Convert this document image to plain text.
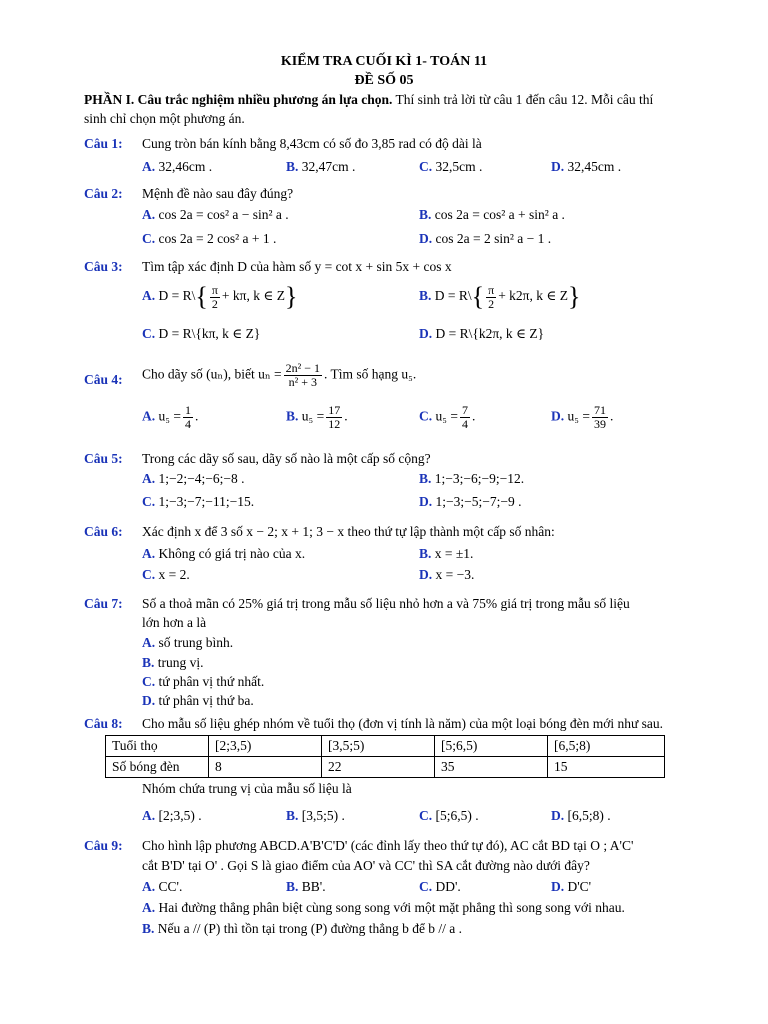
KIỂM TRA CUỐI KÌ 1- TOÁN 11
ĐỀ SỐ 05
PHẦN I. Câu trắc nghiệm nhiều phương án lựa chọn. Thí sinh trả lời từ câu 1 đến câu 12. Mỗi câu thí
sinh chỉ chọn một phương án.
Câu 1: Cung tròn bán kính bằng 8,43cm có số đo 3,85 rad có độ dài là
A. 32,46cm .	B. 32,47cm .	C. 32,5cm .	D. 32,45cm .
Câu 2: Mệnh đề nào sau đây đúng?
A. cos 2a = cos² a − sin² a .	B. cos 2a = cos² a + sin² a .
C. cos 2a = 2 cos² a + 1 .	D. cos 2a = 2 sin² a − 1 .
Câu 3: Tìm tập xác định D của hàm số y = cot x + sin 5x + cos x
A. D = R\{ $\frac{\pi}{2} + k\pi$, k ∈ Z}	B. D = R\{ $\frac{\pi}{2} + k2\pi$, k ∈ Z}
C. D = R\{kπ, k ∈ Z}	D. D = R\{k2π, k ∈ Z}
Câu 4: Cho dãy số (uₙ), biết $u_n = \frac{\text{2n² − 1}}{\text{n² + 3}}$ . Tìm số hạng u₅.
A. $u_5 = \frac{1}{4}$ .	B. $u_5 = \frac{17}{12}$ .	C. $u_5 = \frac{7}{4}$ .	D. $u_5 = \frac{71}{39}$ .
Câu 5: Trong các dãy số sau, dãy số nào là một cấp số cộng?
A. 1;−2;−4;−6;−8 .	B. 1;−3;−6;−9;−12.
C. 1;−3;−7;−11;−15.	D. 1;−3;−5;−7;−9 .
Câu 6: Xác định x để 3 số x − 2; x + 1; 3 − x theo thứ tự lập thành một cấp số nhân:
A. Không có giá trị nào của x.	B. x = ±1.
C. x = 2.	D. x = −3.
Câu 7: Số a thoả mãn có 25% giá trị trong mẫu số liệu nhỏ hơn a và 75% giá trị trong mẫu số liệu
lớn hơn a là
A. số trung bình.
B. trung vị.
C. tứ phân vị thứ nhất.
D. tứ phân vị thứ ba.
Câu 8: Cho mẫu số liệu ghép nhóm về tuổi thọ (đơn vị tính là năm) của một loại bóng đèn mới như sau.
Tuổi thọ	[2;3,5)	[3,5;5)	[5;6,5)	[6,5;8)
Số bóng đèn	8	22	35	15
Nhóm chứa trung vị của mẫu số liệu là
A. [2;3,5) .	B. [3,5;5) .	C. [5;6,5) .	D. [6,5;8) .
Câu 9: Cho hình lập phương ABCD.A'B'C'D' (các đỉnh lấy theo thứ tự đó), AC cắt BD tại O ; A'C'
cắt B'D' tại O' . Gọi S là giao điểm của AO' và CC' thì SA cắt đường nào dưới đây?
A. CC'.	B. BB'.	C. DD'.	D. D'C'
A. Hai đường thẳng phân biệt cùng song song với một mặt phẳng thì song song với nhau.
B. Nếu a // (P) thì tồn tại trong (P) đường thẳng b để b // a .
